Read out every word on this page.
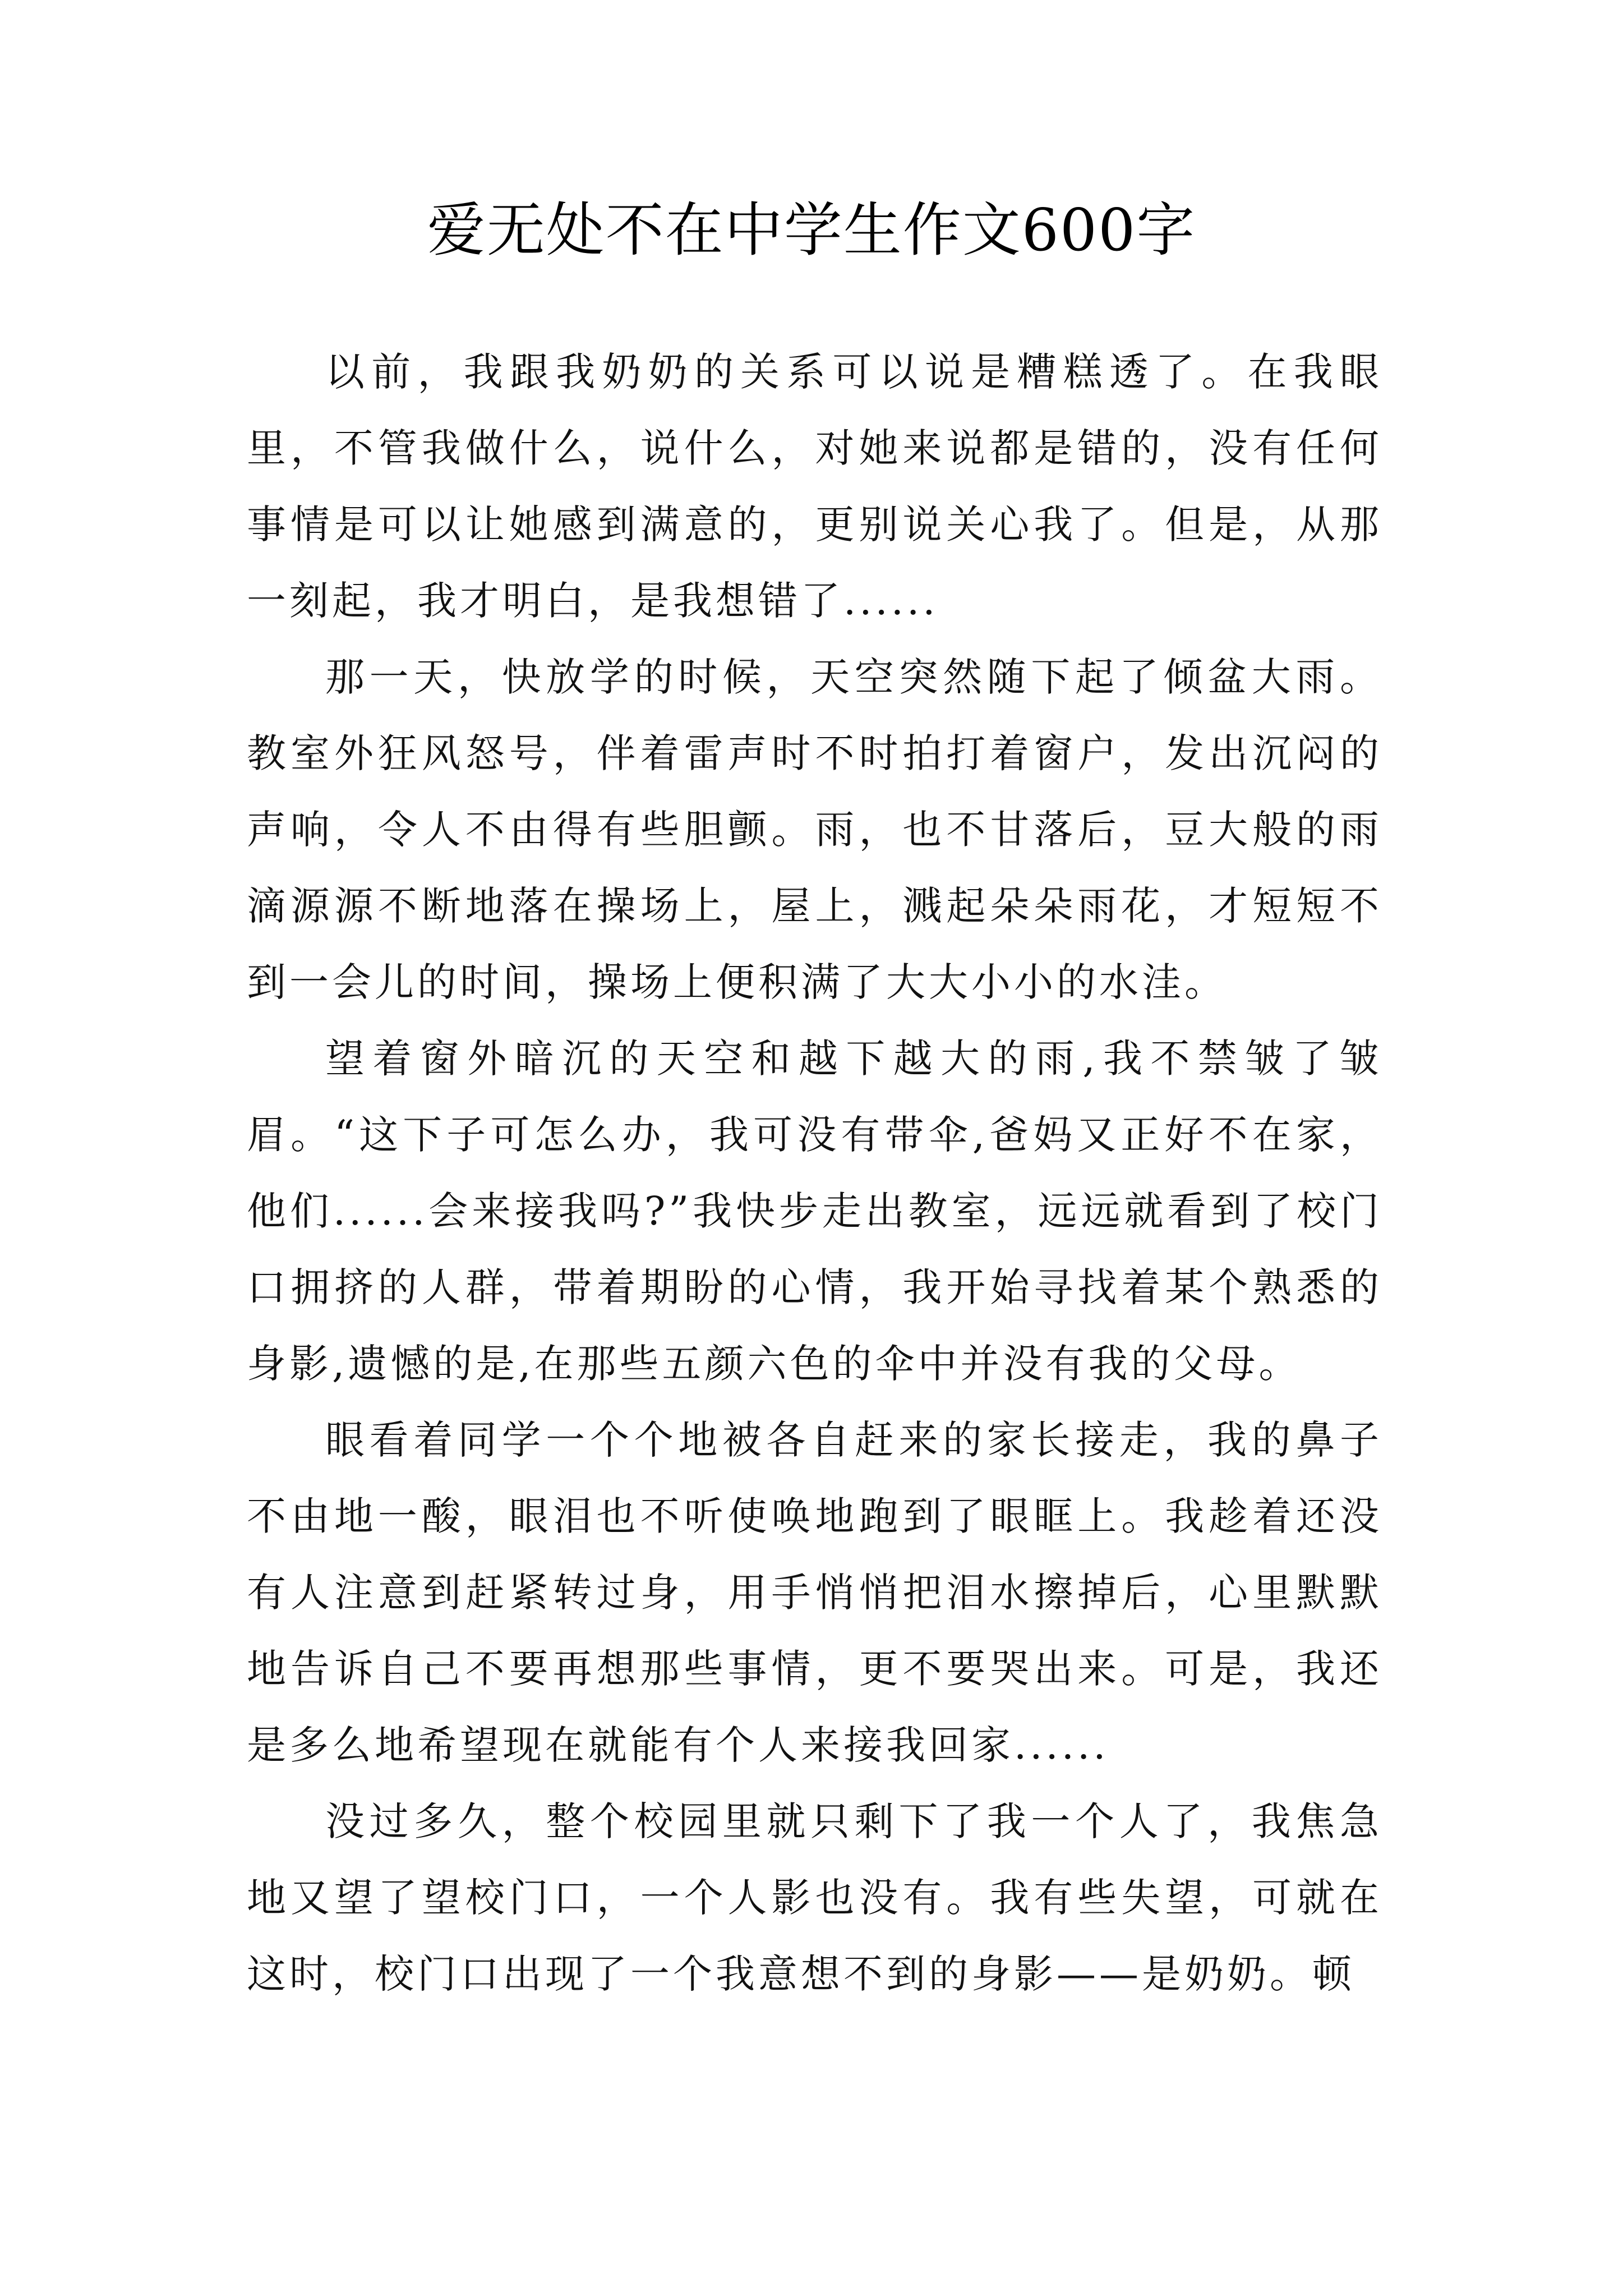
爱无处不在中学生作文600字

以前，我跟我奶奶的关系可以说是糟糕透了。在我眼里，不管我做什么，说什么，对她来说都是错的，没有任何事情是可以让她感到满意的，更别说关心我了。但是，从那一刻起，我才明白，是我想错了......

那一天，快放学的时候，天空突然随下起了倾盆大雨。教室外狂风怒号，伴着雷声时不时拍打着窗户，发出沉闷的声响，令人不由得有些胆颤。雨，也不甘落后，豆大般的雨滴源源不断地落在操场上，屋上，溅起朵朵雨花，才短短不到一会儿的时间，操场上便积满了大大小小的水洼。

望着窗外暗沉的天空和越下越大的雨,我不禁皱了皱眉。“这下子可怎么办，我可没有带伞,爸妈又正好不在家，他们......会来接我吗?”我快步走出教室，远远就看到了校门口拥挤的人群，带着期盼的心情，我开始寻找着某个熟悉的身影,遗憾的是,在那些五颜六色的伞中并没有我的父母。

眼看着同学一个个地被各自赶来的家长接走，我的鼻子不由地一酸，眼泪也不听使唤地跑到了眼眶上。我趁着还没有人注意到赶紧转过身，用手悄悄把泪水擦掉后，心里默默地告诉自己不要再想那些事情，更不要哭出来。可是，我还是多么地希望现在就能有个人来接我回家......

没过多久，整个校园里就只剩下了我一个人了，我焦急地又望了望校门口，一个人影也没有。我有些失望，可就在这时，校门口出现了一个我意想不到的身影——是奶奶。顿
